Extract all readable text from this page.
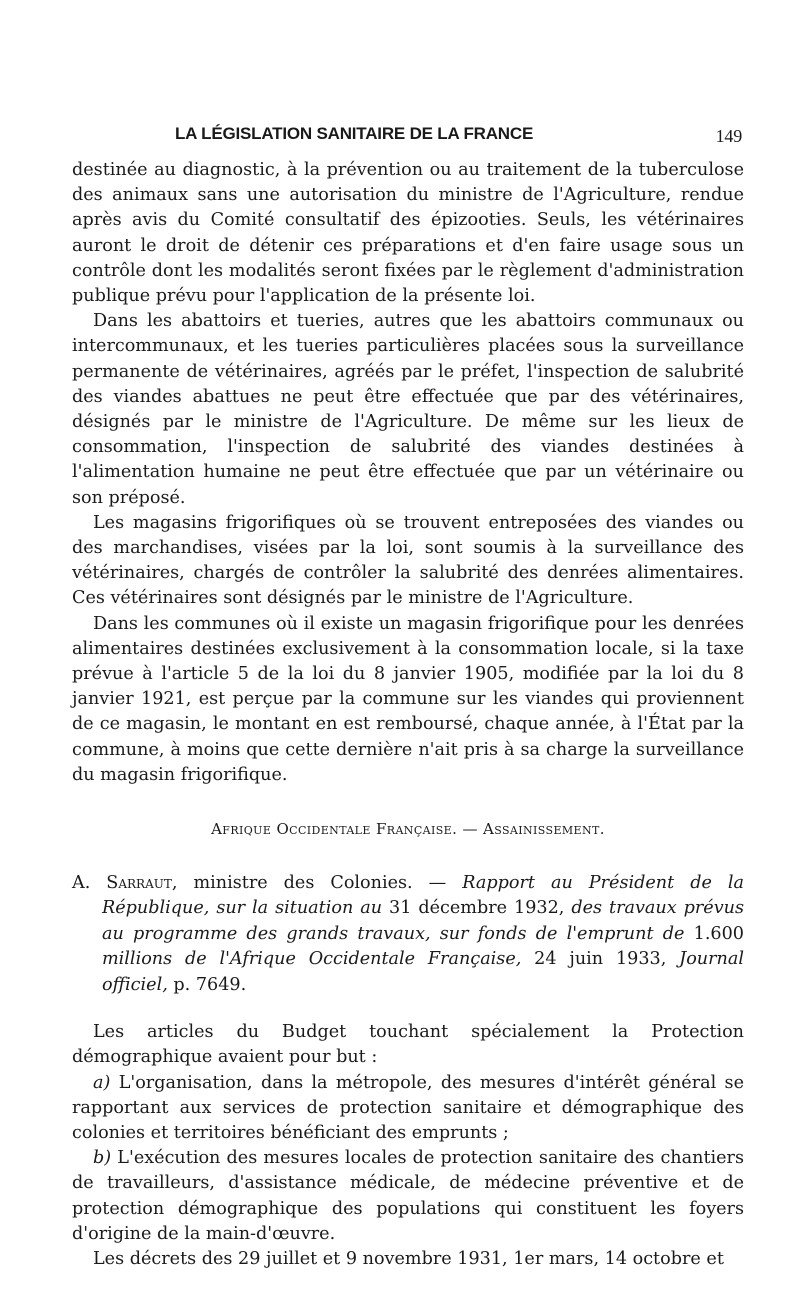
LA LÉGISLATION SANITAIRE DE LA FRANCE	149

destinée au diagnostic, à la prévention ou au traitement de la tuberculose des animaux sans une autorisation du ministre de l'Agriculture, rendue après avis du Comité consultatif des épizooties. Seuls, les vétérinaires auront le droit de détenir ces préparations et d'en faire usage sous un contrôle dont les modalités seront fixées par le règlement d'administration publique prévu pour l'application de la présente loi.

Dans les abattoirs et tueries, autres que les abattoirs communaux ou intercommunaux, et les tueries particulières placées sous la surveillance permanente de vétérinaires, agréés par le préfet, l'inspection de salubrité des viandes abattues ne peut être effectuée que par des vétérinaires, désignés par le ministre de l'Agriculture. De même sur les lieux de consommation, l'inspection de salubrité des viandes destinées à l'alimentation humaine ne peut être effectuée que par un vétérinaire ou son préposé.

Les magasins frigorifiques où se trouvent entreposées des viandes ou des marchandises, visées par la loi, sont soumis à la surveillance des vétérinaires, chargés de contrôler la salubrité des denrées alimentaires. Ces vétérinaires sont désignés par le ministre de l'Agriculture.

Dans les communes où il existe un magasin frigorifique pour les denrées alimentaires destinées exclusivement à la consommation locale, si la taxe prévue à l'article 5 de la loi du 8 janvier 1905, modifiée par la loi du 8 janvier 1921, est perçue par la commune sur les viandes qui proviennent de ce magasin, le montant en est remboursé, chaque année, à l'État par la commune, à moins que cette dernière n'ait pris à sa charge la surveillance du magasin frigorifique.

Afrique Occidentale Française. — Assainissement.
A. Sarraut, ministre des Colonies. — Rapport au Président de la République, sur la situation au 31 décembre 1932, des travaux prévus au programme des grands travaux, sur fonds de l'emprunt de 1.600 millions de l'Afrique Occidentale Française, 24 juin 1933, Journal officiel, p. 7649.

Les articles du Budget touchant spécialement la Protection démographique avaient pour but :

a) L'organisation, dans la métropole, des mesures d'intérêt général se rapportant aux services de protection sanitaire et démographique des colonies et territoires bénéficiant des emprunts ;

b) L'exécution des mesures locales de protection sanitaire des chantiers de travailleurs, d'assistance médicale, de médecine préventive et de protection démographique des populations qui constituent les foyers d'origine de la main-d'œuvre.

Les décrets des 29 juillet et 9 novembre 1931, 1er mars, 14 octobre et
